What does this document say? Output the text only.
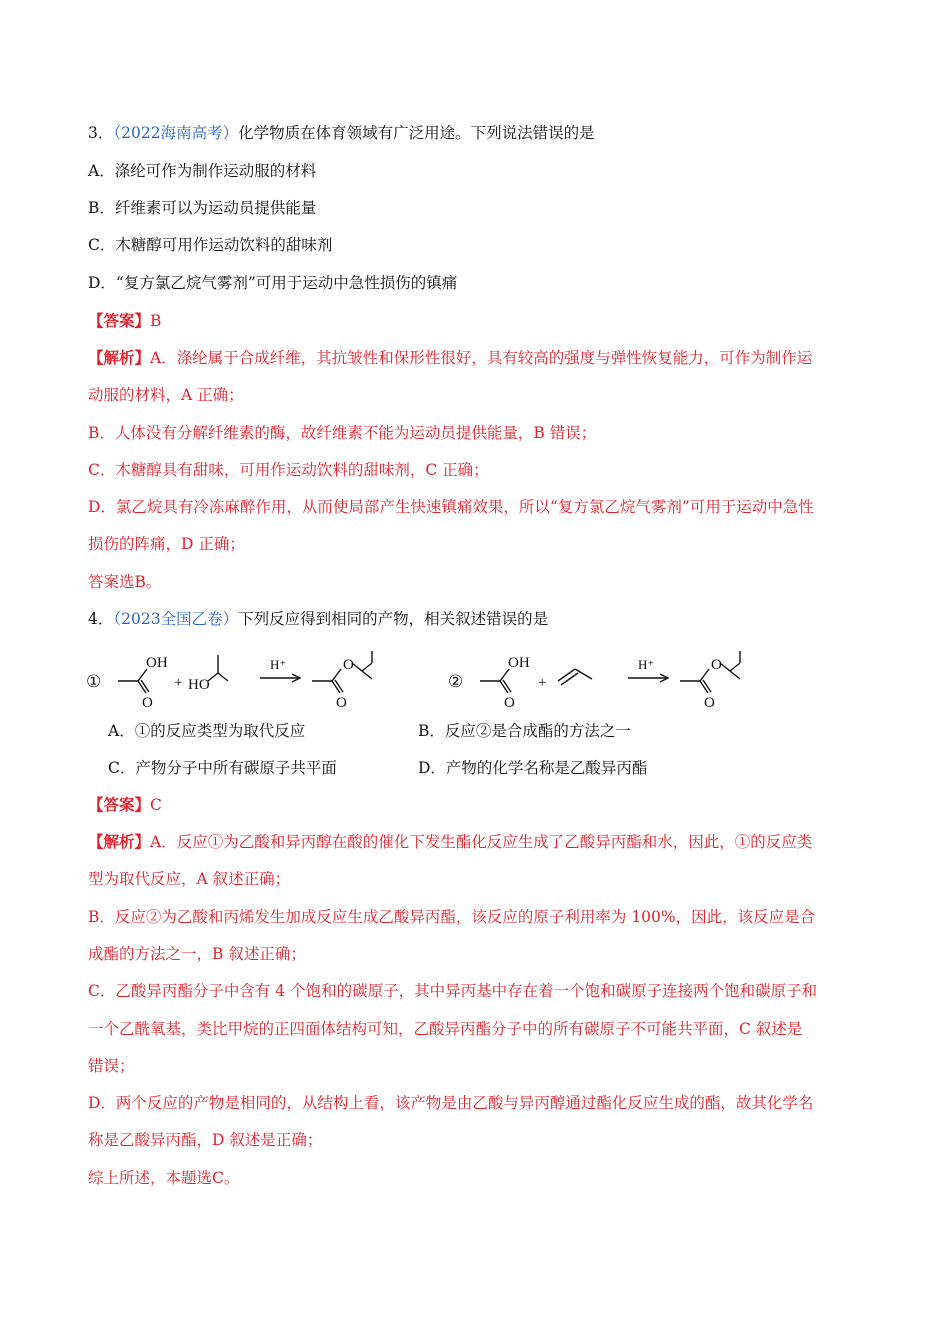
3．（2022海南高考）化学物质在体育领域有广泛用途。下列说法错误的是
A．涤纶可作为制作运动服的材料
B．纤维素可以为运动员提供能量
C．木糖醇可用作运动饮料的甜味剂
D．“复方氯乙烷气雾剂”可用于运动中急性损伤的镇痛
【答案】B
【解析】A．涤纶属于合成纤维，其抗皱性和保形性很好，具有较高的强度与弹性恢复能力，可作为制作运
动服的材料，A 正确；
B．人体没有分解纤维素的酶，故纤维素不能为运动员提供能量，B 错误；
C．木糖醇具有甜味，可用作运动饮料的甜味剂，C 正确；
D．氯乙烷具有冷冻麻醉作用，从而使局部产生快速镇痛效果，所以“复方氯乙烷气雾剂”可用于运动中急性
损伤的阵痛，D 正确；
答案选B。
4．（2023全国乙卷）下列反应得到相同的产物，相关叙述错误的是
①
OH
O
+ HO
H⁺	O
O
②
OH
O
+
H⁺	O
O
A．①的反应类型为取代反应	B．反应②是合成酯的方法之一
C．产物分子中所有碳原子共平面	D．产物的化学名称是乙酸异丙酯
【答案】C
【解析】A．反应①为乙酸和异丙醇在酸的催化下发生酯化反应生成了乙酸异丙酯和水，因此，①的反应类
型为取代反应，A 叙述正确；
B．反应②为乙酸和丙烯发生加成反应生成乙酸异丙酯，该反应的原子利用率为 100%，因此，该反应是合
成酯的方法之一，B 叙述正确；
C．乙酸异丙酯分子中含有 4 个饱和的碳原子，其中异丙基中存在着一个饱和碳原子连接两个饱和碳原子和
一个乙酰氧基，类比甲烷的正四面体结构可知，乙酸异丙酯分子中的所有碳原子不可能共平面，C 叙述是
错误；
D．两个反应的产物是相同的，从结构上看，该产物是由乙酸与异丙醇通过酯化反应生成的酯，故其化学名
称是乙酸异丙酯，D 叙述是正确；
综上所述，本题选C。
